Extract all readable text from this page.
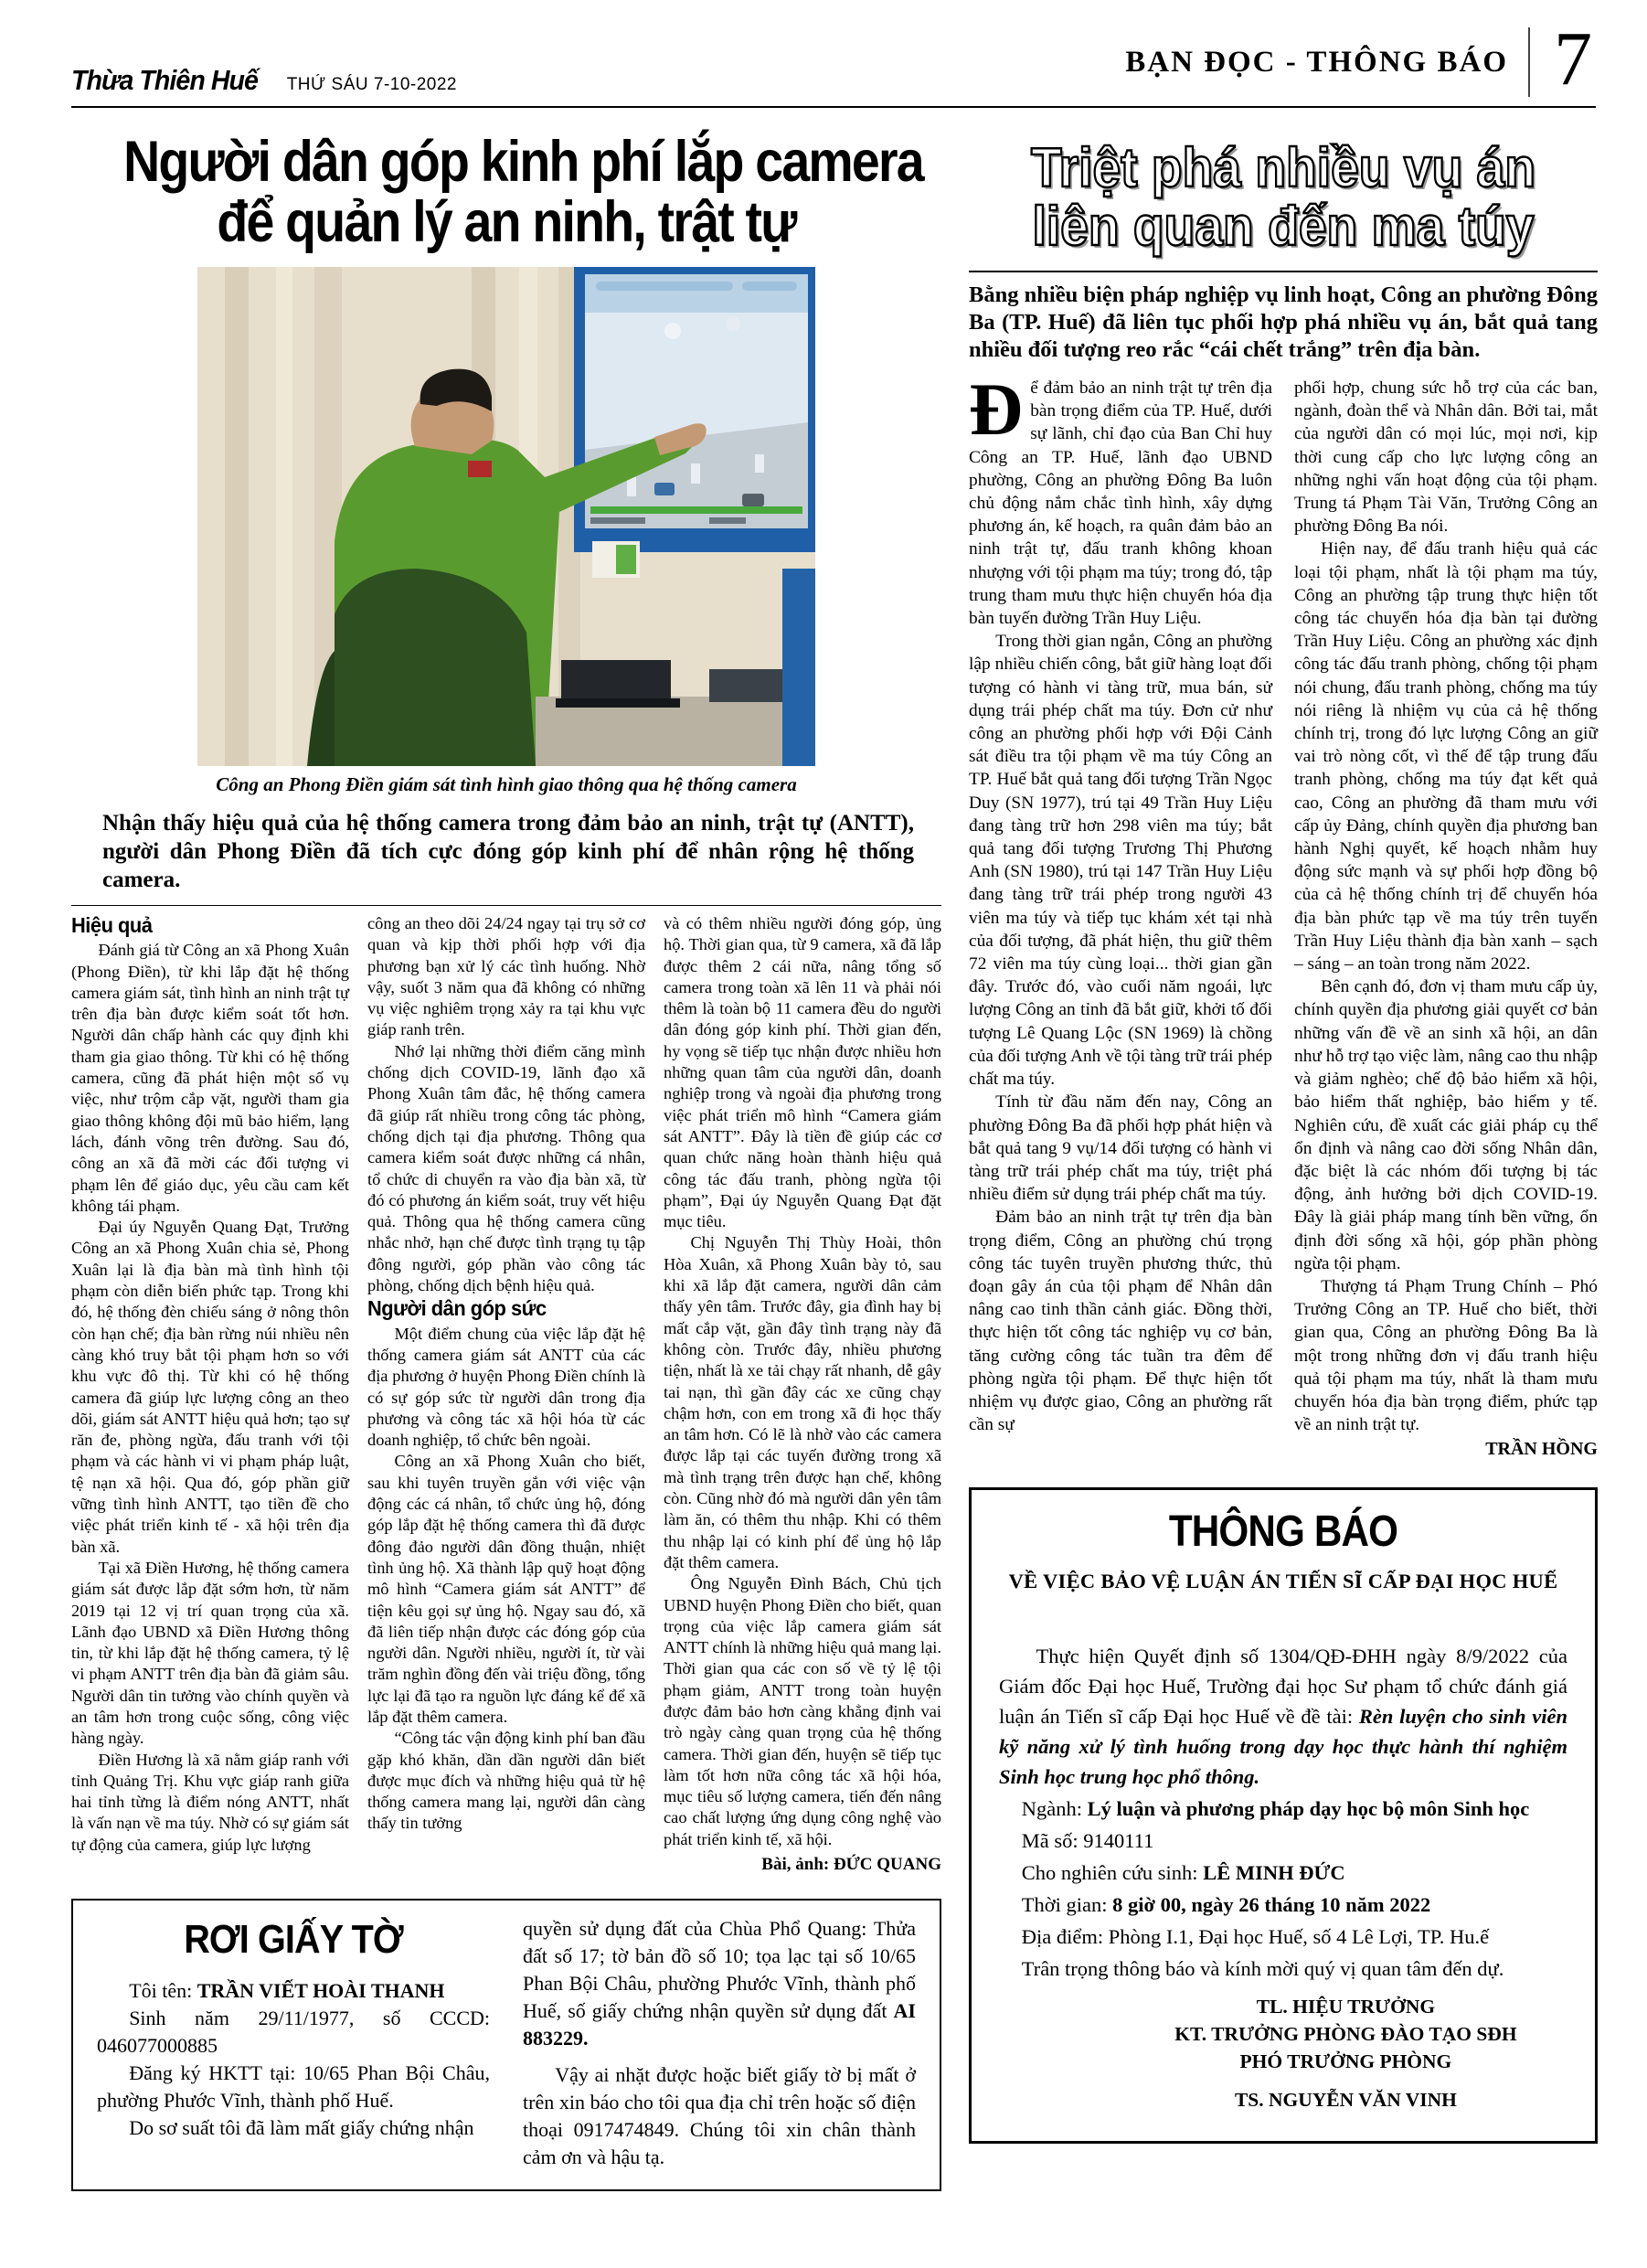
Thừa Thiên Huế THỨ SÁU 7-10-2022
BẠN ĐỌC - THÔNG BÁO 7
Người dân góp kinh phí lắp camera
để quản lý an ninh, trật tự
Công an Phong Điền giám sát tình hình giao thông qua hệ thống camera
Nhận thấy hiệu quả của hệ thống camera trong đảm bảo an ninh, trật tự (ANTT), người dân Phong Điền đã tích cực đóng góp kinh phí để nhân rộng hệ thống camera.
Hiệu quả

Đánh giá từ Công an xã Phong Xuân (Phong Điền), từ khi lắp đặt hệ thống camera giám sát, tình hình an ninh trật tự trên địa bàn được kiểm soát tốt hơn. Người dân chấp hành các quy định khi tham gia giao thông. Từ khi có hệ thống camera, cũng đã phát hiện một số vụ việc, như trộm cắp vặt, người tham gia giao thông không đội mũ bảo hiểm, lạng lách, đánh võng trên đường. Sau đó, công an xã đã mời các đối tượng vi phạm lên để giáo dục, yêu cầu cam kết không tái phạm.

Đại úy Nguyễn Quang Đạt, Trưởng Công an xã Phong Xuân chia sẻ, Phong Xuân lại là địa bàn mà tình hình tội phạm còn diễn biến phức tạp. Trong khi đó, hệ thống đèn chiếu sáng ở nông thôn còn hạn chế; địa bàn rừng núi nhiều nên càng khó truy bắt tội phạm hơn so với khu vực đô thị. Từ khi có hệ thống camera đã giúp lực lượng công an theo dõi, giám sát ANTT hiệu quả hơn; tạo sự răn đe, phòng ngừa, đấu tranh với tội phạm và các hành vi vi phạm pháp luật, tệ nạn xã hội. Qua đó, góp phần giữ vững tình hình ANTT, tạo tiền đề cho việc phát triển kinh tế - xã hội trên địa bàn xã.

Tại xã Điền Hương, hệ thống camera giám sát được lắp đặt sớm hơn, từ năm 2019 tại 12 vị trí quan trọng của xã. Lãnh đạo UBND xã Điền Hương thông tin, từ khi lắp đặt hệ thống camera, tỷ lệ vi phạm ANTT trên địa bàn đã giảm sâu. Người dân tin tưởng vào chính quyền và an tâm hơn trong cuộc sống, công việc hàng ngày.

Điền Hương là xã nằm giáp ranh với tỉnh Quảng Trị. Khu vực giáp ranh giữa hai tỉnh từng là điểm nóng ANTT, nhất là vấn nạn về ma túy. Nhờ có sự giám sát tự động của camera, giúp lực lượng

công an theo dõi 24/24 ngay tại trụ sở cơ quan và kịp thời phối hợp với địa phương bạn xử lý các tình huống. Nhờ vậy, suốt 3 năm qua đã không có những vụ việc nghiêm trọng xảy ra tại khu vực giáp ranh trên.

Nhớ lại những thời điểm căng mình chống dịch COVID-19, lãnh đạo xã Phong Xuân tâm đắc, hệ thống camera đã giúp rất nhiều trong công tác phòng, chống dịch tại địa phương. Thông qua camera kiểm soát được những cá nhân, tổ chức di chuyển ra vào địa bàn xã, từ đó có phương án kiểm soát, truy vết hiệu quả. Thông qua hệ thống camera cũng nhắc nhở, hạn chế được tình trạng tụ tập đông người, góp phần vào công tác phòng, chống dịch bệnh hiệu quả.

Người dân góp sức

Một điểm chung của việc lắp đặt hệ thống camera giám sát ANTT của các địa phương ở huyện Phong Điền chính là có sự góp sức từ người dân trong địa phương và công tác xã hội hóa từ các doanh nghiệp, tổ chức bên ngoài.

Công an xã Phong Xuân cho biết, sau khi tuyên truyền gắn với việc vận động các cá nhân, tổ chức ủng hộ, đóng góp lắp đặt hệ thống camera thì đã được đông đảo người dân đồng thuận, nhiệt tình ủng hộ. Xã thành lập quỹ hoạt động mô hình “Camera giám sát ANTT” để tiện kêu gọi sự ủng hộ. Ngay sau đó, xã đã liên tiếp nhận được các đóng góp của người dân. Người nhiều, người ít, từ vài trăm nghìn đồng đến vài triệu đồng, tổng lực lại đã tạo ra nguồn lực đáng kể để xã lắp đặt thêm camera.

“Công tác vận động kinh phí ban đầu gặp khó khăn, dần dần người dân biết được mục đích và những hiệu quả từ hệ thống camera mang lại, người dân càng thấy tin tưởng

và có thêm nhiều người đóng góp, ủng hộ. Thời gian qua, từ 9 camera, xã đã lắp được thêm 2 cái nữa, nâng tổng số camera trong toàn xã lên 11 và phải nói thêm là toàn bộ 11 camera đều do người dân đóng góp kinh phí. Thời gian đến, hy vọng sẽ tiếp tục nhận được nhiều hơn những quan tâm của người dân, doanh nghiệp trong và ngoài địa phương trong việc phát triển mô hình “Camera giám sát ANTT”. Đây là tiền đề giúp các cơ quan chức năng hoàn thành hiệu quả công tác đấu tranh, phòng ngừa tội phạm”, Đại úy Nguyễn Quang Đạt đặt mục tiêu.

Chị Nguyễn Thị Thùy Hoài, thôn Hòa Xuân, xã Phong Xuân bày tỏ, sau khi xã lắp đặt camera, người dân cảm thấy yên tâm. Trước đây, gia đình hay bị mất cắp vặt, gần đây tình trạng này đã không còn. Trước đây, nhiều phương tiện, nhất là xe tải chạy rất nhanh, dễ gây tai nạn, thì gần đây các xe cũng chạy chậm hơn, con em trong xã đi học thấy an tâm hơn. Có lẽ là nhờ vào các camera được lắp tại các tuyến đường trong xã mà tình trạng trên được hạn chế, không còn. Cũng nhờ đó mà người dân yên tâm làm ăn, có thêm thu nhập. Khi có thêm thu nhập lại có kinh phí để ủng hộ lắp đặt thêm camera.

Ông Nguyễn Đình Bách, Chủ tịch UBND huyện Phong Điền cho biết, quan trọng của việc lắp camera giám sát ANTT chính là những hiệu quả mang lại. Thời gian qua các con số về tỷ lệ tội phạm giảm, ANTT trong toàn huyện được đảm bảo hơn càng khẳng định vai trò ngày càng quan trọng của hệ thống camera. Thời gian đến, huyện sẽ tiếp tục làm tốt hơn nữa công tác xã hội hóa, mục tiêu số lượng camera, tiến đến nâng cao chất lượng ứng dụng công nghệ vào phát triển kinh tế, xã hội.

Bài, ảnh: ĐỨC QUANG
RƠI GIẤY TỜ

Tôi tên: TRẦN VIẾT HOÀI THANH

Sinh năm 29/11/1977, số CCCD: 046077000885

Đăng ký HKTT tại: 10/65 Phan Bội Châu, phường Phước Vĩnh, thành phố Huế.

Do sơ suất tôi đã làm mất giấy chứng nhận

quyền sử dụng đất của Chùa Phổ Quang: Thửa đất số 17; tờ bản đồ số 10; tọa lạc tại số 10/65 Phan Bội Châu, phường Phước Vĩnh, thành phố Huế, số giấy chứng nhận quyền sử dụng đất AI 883229.

Vậy ai nhặt được hoặc biết giấy tờ bị mất ở trên xin báo cho tôi qua địa chỉ trên hoặc số điện thoại 0917474849. Chúng tôi xin chân thành cảm ơn và hậu tạ.

Triệt phá nhiều vụ án
liên quan đến ma túy
Bằng nhiều biện pháp nghiệp vụ linh hoạt, Công an phường Đông Ba (TP. Huế) đã liên tục phối hợp phá nhiều vụ án, bắt quả tang nhiều đối tượng reo rắc “cái chết trắng” trên địa bàn.

Để đảm bảo an ninh trật tự trên địa bàn trọng điểm của TP. Huế, dưới sự lãnh, chỉ đạo của Ban Chỉ huy Công an TP. Huế, lãnh đạo UBND phường, Công an phường Đông Ba luôn chủ động nắm chắc tình hình, xây dựng phương án, kế hoạch, ra quân đảm bảo an ninh trật tự, đấu tranh không khoan nhượng với tội phạm ma túy; trong đó, tập trung tham mưu thực hiện chuyển hóa địa bàn tuyến đường Trần Huy Liệu.

Trong thời gian ngắn, Công an phường lập nhiều chiến công, bắt giữ hàng loạt đối tượng có hành vi tàng trữ, mua bán, sử dụng trái phép chất ma túy. Đơn cử như công an phường phối hợp với Đội Cảnh sát điều tra tội phạm về ma túy Công an TP. Huế bắt quả tang đối tượng Trần Ngọc Duy (SN 1977), trú tại 49 Trần Huy Liệu đang tàng trữ hơn 298 viên ma túy; bắt quả tang đối tượng Trương Thị Phương Anh (SN 1980), trú tại 147 Trần Huy Liệu đang tàng trữ trái phép trong người 43 viên ma túy và tiếp tục khám xét tại nhà của đối tượng, đã phát hiện, thu giữ thêm 72 viên ma túy cùng loại... thời gian gần đây. Trước đó, vào cuối năm ngoái, lực lượng Công an tỉnh đã bắt giữ, khởi tố đối tượng Lê Quang Lộc (SN 1969) là chồng của đối tượng Anh về tội tàng trữ trái phép chất ma túy.

Tính từ đầu năm đến nay, Công an phường Đông Ba đã phối hợp phát hiện và bắt quả tang 9 vụ/14 đối tượng có hành vi tàng trữ trái phép chất ma túy, triệt phá nhiều điểm sử dụng trái phép chất ma túy.

Đảm bảo an ninh trật tự trên địa bàn trọng điểm, Công an phường chú trọng công tác tuyên truyền phương thức, thủ đoạn gây án của tội phạm để Nhân dân nâng cao tinh thần cảnh giác. Đồng thời, thực hiện tốt công tác nghiệp vụ cơ bản, tăng cường công tác tuần tra đêm để phòng ngừa tội phạm. Để thực hiện tốt nhiệm vụ được giao, Công an phường rất cần sự

phối hợp, chung sức hỗ trợ của các ban, ngành, đoàn thể và Nhân dân. Bởi tai, mắt của người dân có mọi lúc, mọi nơi, kịp thời cung cấp cho lực lượng công an những nghi vấn hoạt động của tội phạm. Trung tá Phạm Tài Văn, Trưởng Công an phường Đông Ba nói.

Hiện nay, để đấu tranh hiệu quả các loại tội phạm, nhất là tội phạm ma túy, Công an phường tập trung thực hiện tốt công tác chuyển hóa địa bàn tại đường Trần Huy Liệu. Công an phường xác định công tác đấu tranh phòng, chống tội phạm nói chung, đấu tranh phòng, chống ma túy nói riêng là nhiệm vụ của cả hệ thống chính trị, trong đó lực lượng Công an giữ vai trò nòng cốt, vì thế để tập trung đấu tranh phòng, chống ma túy đạt kết quả cao, Công an phường đã tham mưu với cấp ủy Đảng, chính quyền địa phương ban hành Nghị quyết, kế hoạch nhằm huy động sức mạnh và sự phối hợp đồng bộ của cả hệ thống chính trị để chuyển hóa địa bàn phức tạp về ma túy trên tuyến Trần Huy Liệu thành địa bàn xanh – sạch – sáng – an toàn trong năm 2022.

Bên cạnh đó, đơn vị tham mưu cấp ủy, chính quyền địa phương giải quyết cơ bản những vấn đề về an sinh xã hội, an dân như hỗ trợ tạo việc làm, nâng cao thu nhập và giảm nghèo; chế độ bảo hiểm xã hội, bảo hiểm thất nghiệp, bảo hiểm y tế. Nghiên cứu, đề xuất các giải pháp cụ thể ổn định và nâng cao đời sống Nhân dân, đặc biệt là các nhóm đối tượng bị tác động, ảnh hưởng bởi dịch COVID-19. Đây là giải pháp mang tính bền vững, ổn định đời sống xã hội, góp phần phòng ngừa tội phạm.

Thượng tá Phạm Trung Chính – Phó Trưởng Công an TP. Huế cho biết, thời gian qua, Công an phường Đông Ba là một trong những đơn vị đấu tranh hiệu quả tội phạm ma túy, nhất là tham mưu chuyển hóa địa bàn trọng điểm, phức tạp về an ninh trật tự.

TRẦN HỒNG
THÔNG BÁO
VỀ VIỆC BẢO VỆ LUẬN ÁN TIẾN SĨ CẤP ĐẠI HỌC HUẾ

Thực hiện Quyết định số 1304/QĐ-ĐHH ngày 8/9/2022 của Giám đốc Đại học Huế, Trường đại học Sư phạm tổ chức đánh giá luận án Tiến sĩ cấp Đại học Huế về đề tài: Rèn luyện cho sinh viên kỹ năng xử lý tình huống trong dạy học thực hành thí nghiệm Sinh học trung học phổ thông.

Ngành: Lý luận và phương pháp dạy học bộ môn Sinh học
Mã số: 9140111
Cho nghiên cứu sinh: LÊ MINH ĐỨC
Thời gian: 8 giờ 00, ngày 26 tháng 10 năm 2022
Địa điểm: Phòng I.1, Đại học Huế, số 4 Lê Lợi, TP. Hu.ế
Trân trọng thông báo và kính mời quý vị quan tâm đến dự.
TL. HIỆU TRƯỞNG
KT. TRƯỞNG PHÒNG ĐÀO TẠO SĐH
PHÓ TRƯỞNG PHÒNG
TS. NGUYỄN VĂN VINH
